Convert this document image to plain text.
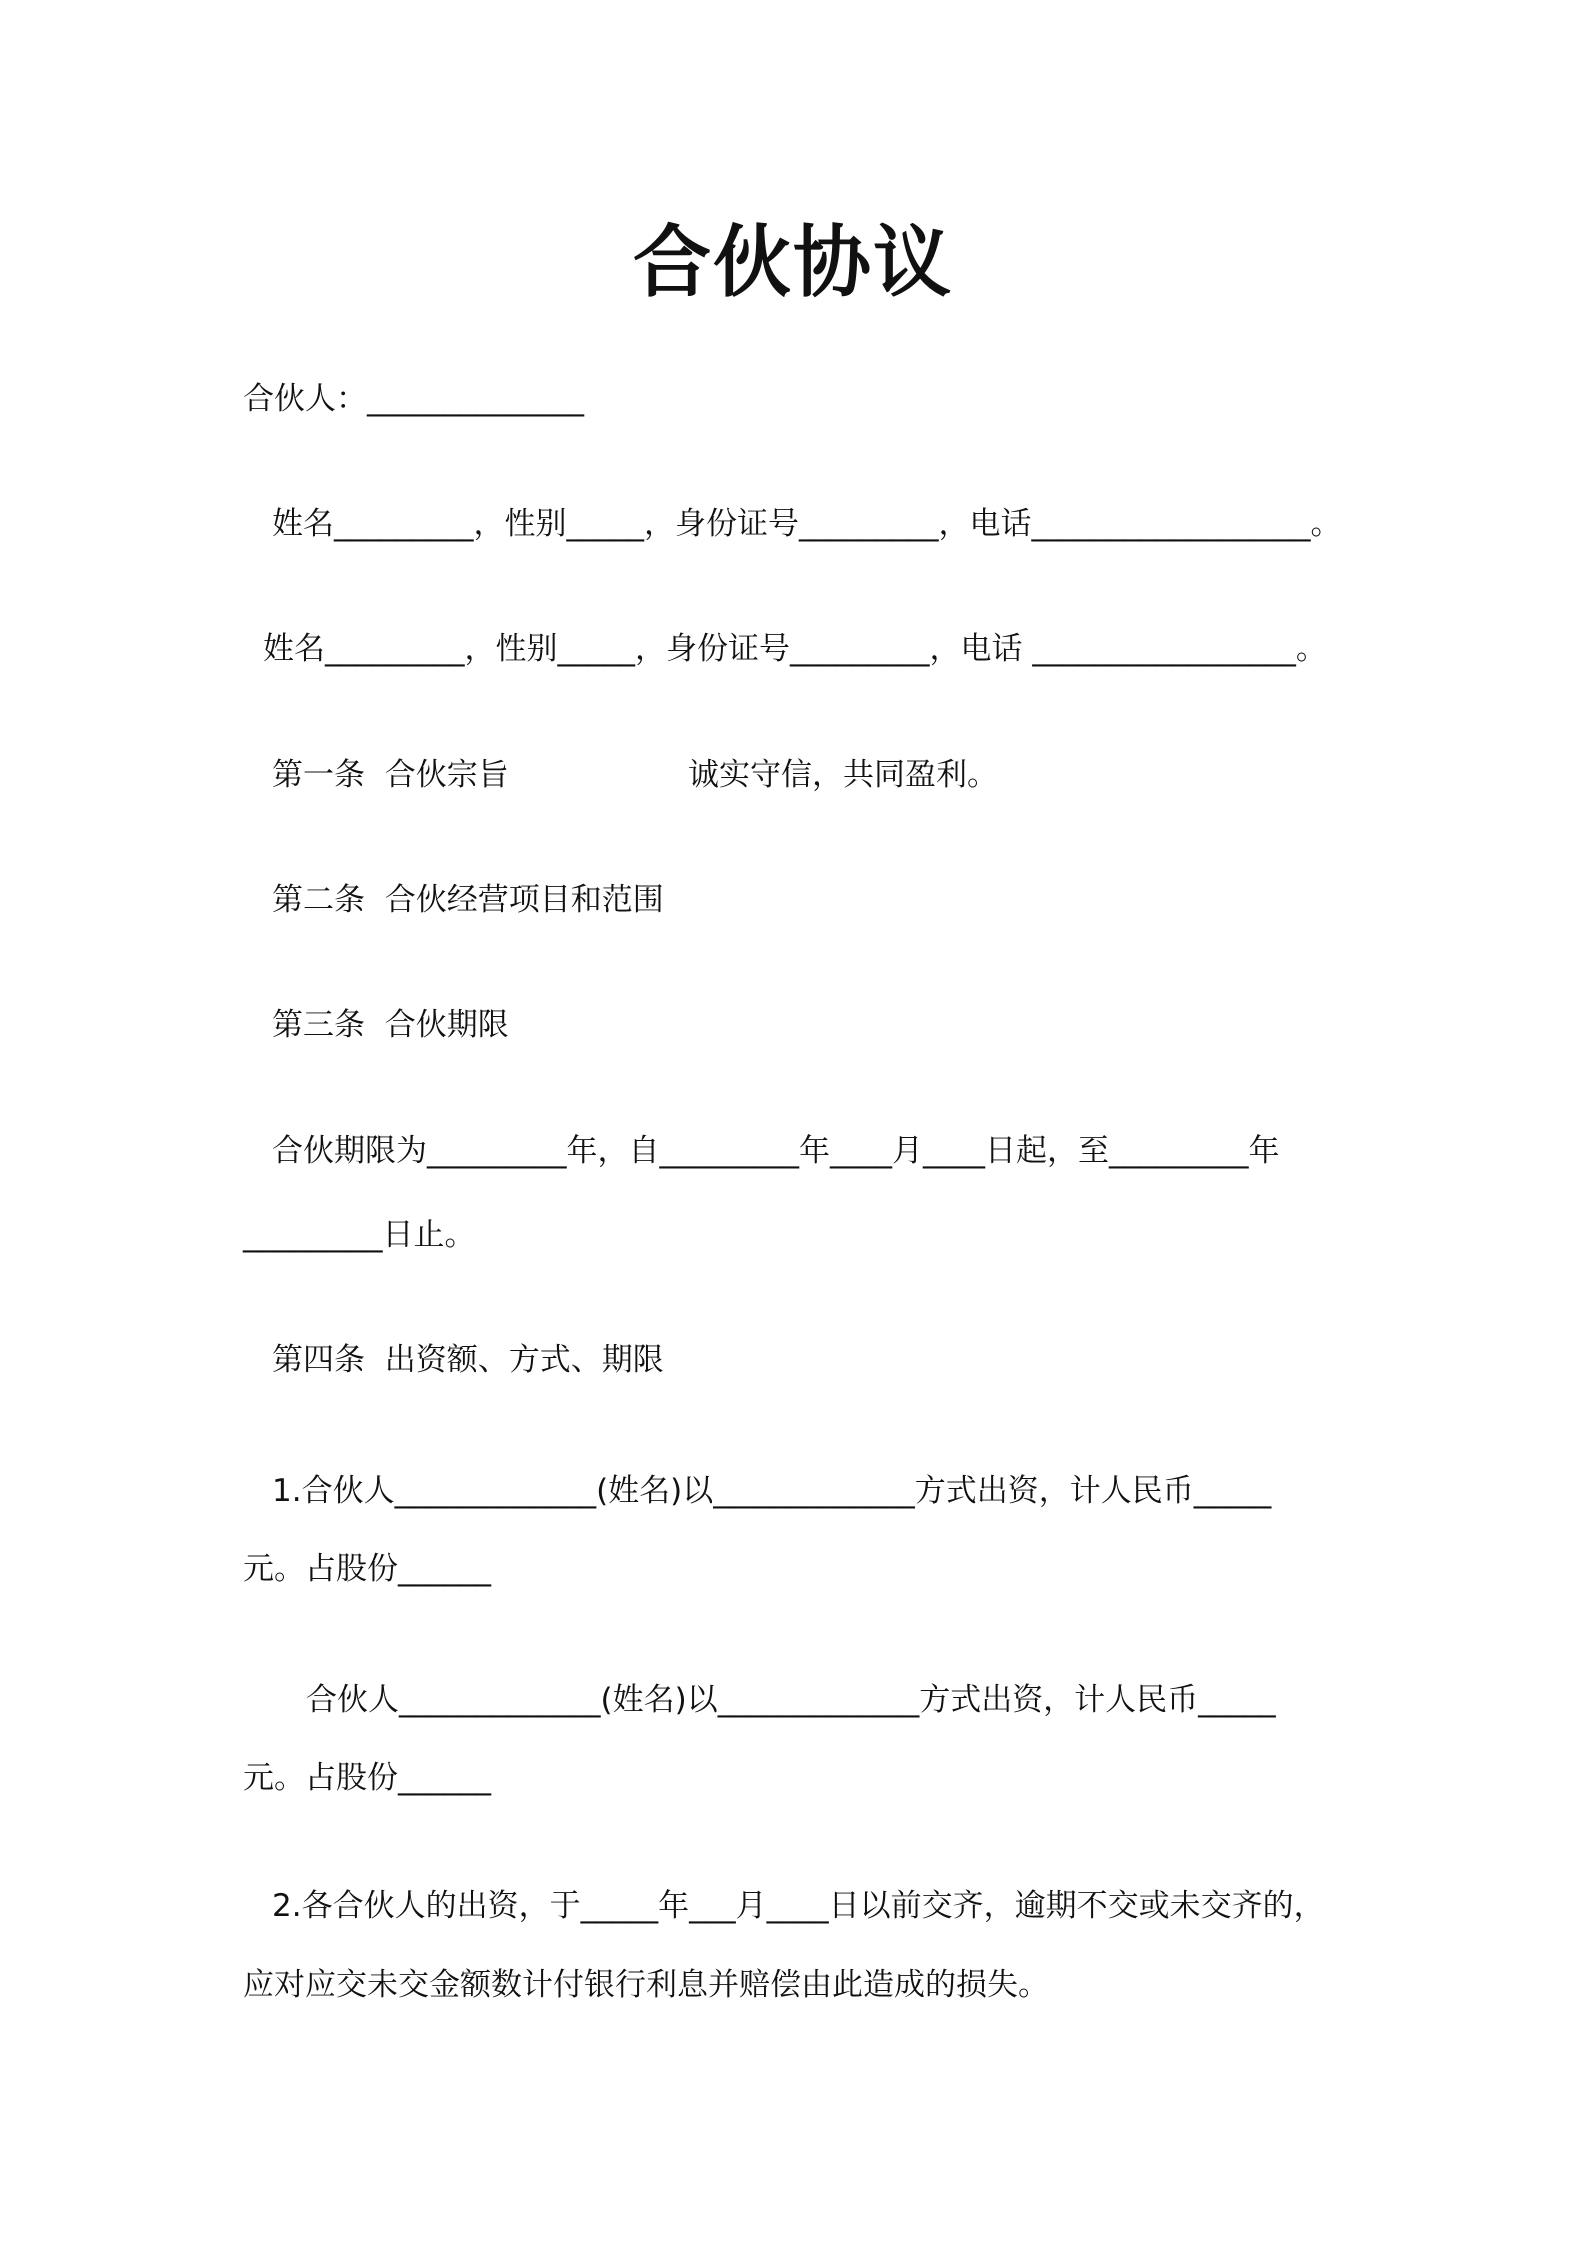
合伙协议

合伙人：______________

姓名_________，性别_____，身份证号_________，电话__________________。

姓名_________，性别_____，身份证号_________，电话 _________________。

第一条  合伙宗旨	诚实守信，共同盈利。

第二条  合伙经营项目和范围

第三条  合伙期限

合伙期限为_________年，自_________年____月____日起，至_________年

_________日止。

第四条  出资额、方式、期限

1.合伙人_____________(姓名)以_____________方式出资，计人民币_____

元。占股份______

合伙人_____________(姓名)以_____________方式出资，计人民币_____

元。占股份______

2.各合伙人的出资，于_____年___月____日以前交齐，逾期不交或未交齐的，

应对应交未交金额数计付银行利息并赔偿由此造成的损失。
